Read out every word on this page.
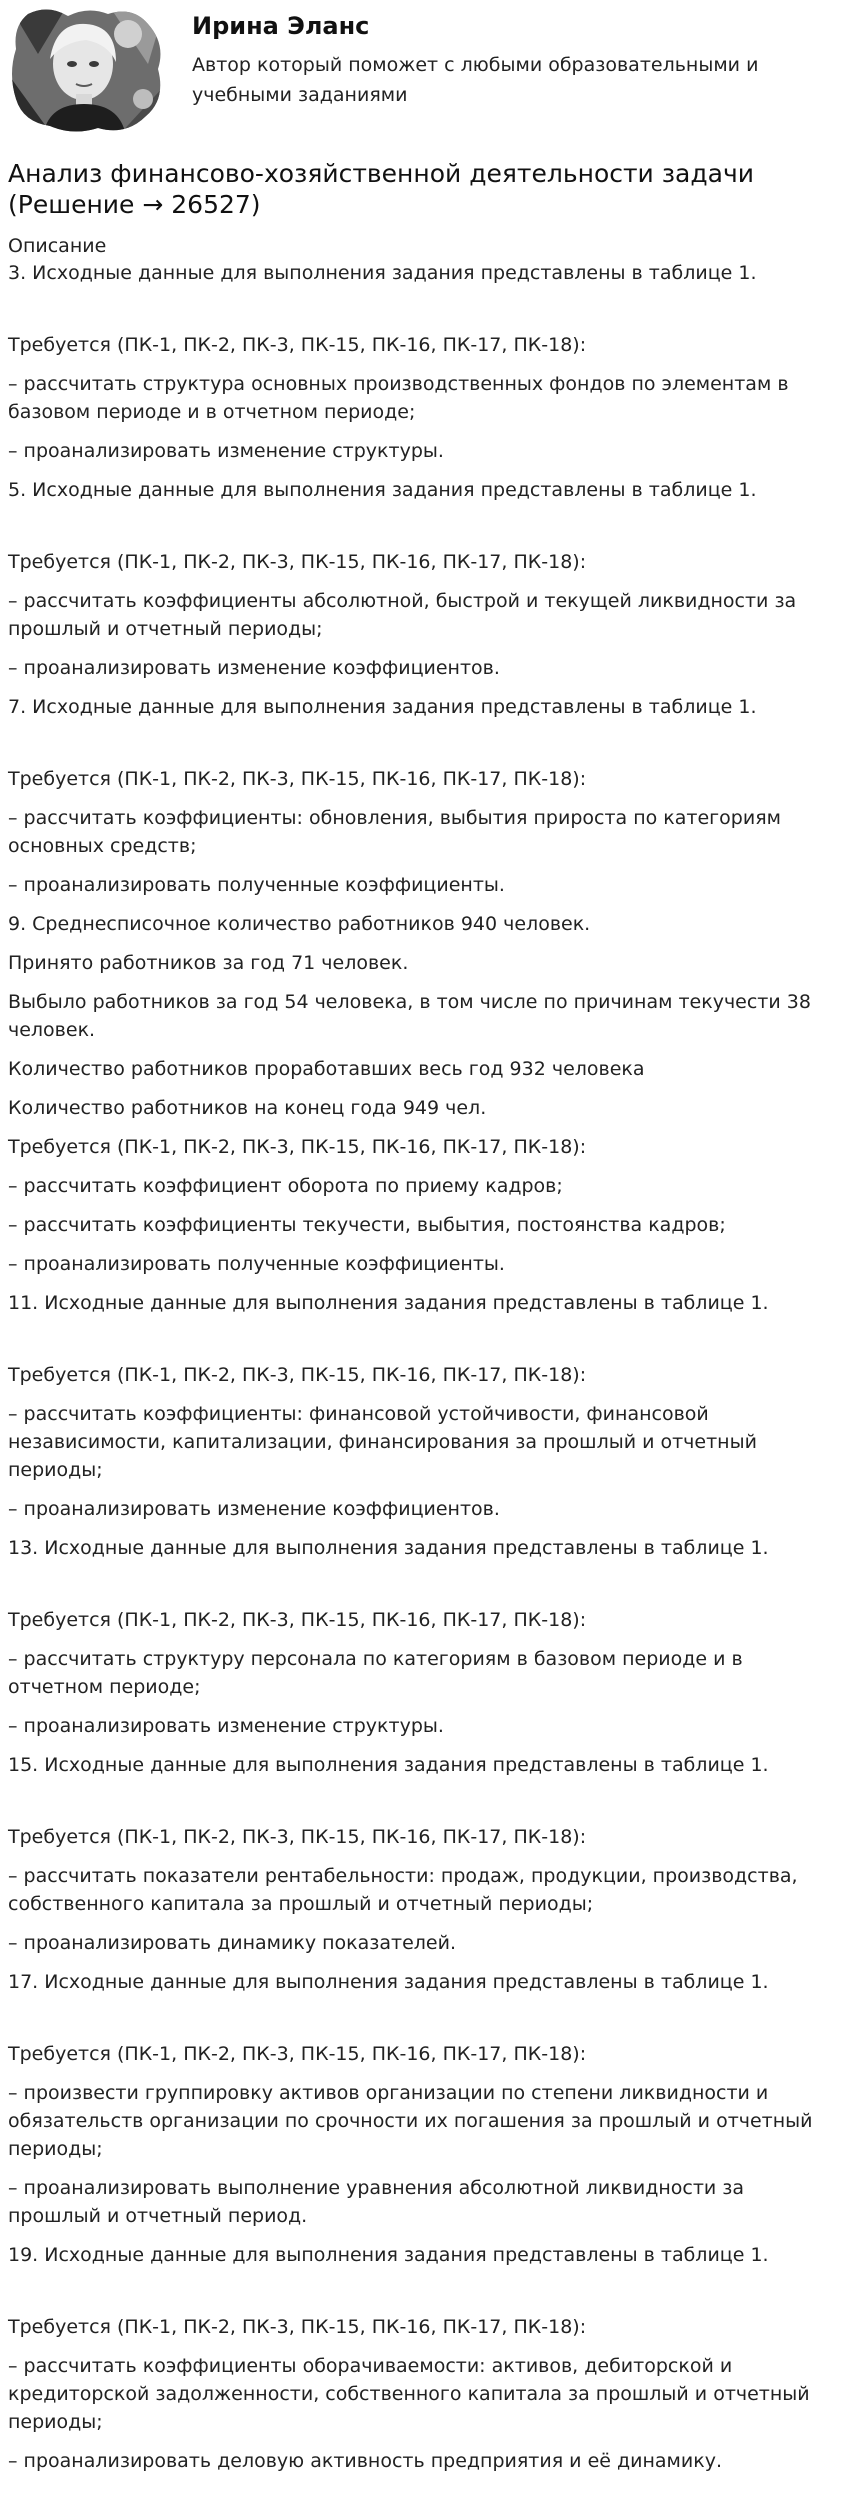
Ирина Эланс
Автор который поможет с любыми образовательными и учебными заданиями
Анализ финансово-хозяйственной деятельности задачи (Решение → 26527)
Описание

3. Исходные данные для выполнения задания представлены в таблице 1.

Требуется (ПК-1, ПК-2, ПК-3, ПК-15, ПК-16, ПК-17, ПК-18):

– рассчитать структура основных производственных фондов по элементам в базовом периоде и в отчетном периоде;

– проанализировать изменение структуры.

5. Исходные данные для выполнения задания представлены в таблице 1.

Требуется (ПК-1, ПК-2, ПК-3, ПК-15, ПК-16, ПК-17, ПК-18):

– рассчитать коэффициенты абсолютной, быстрой и текущей ликвидности за прошлый и отчетный периоды;

– проанализировать изменение коэффициентов.

7. Исходные данные для выполнения задания представлены в таблице 1.

Требуется (ПК-1, ПК-2, ПК-3, ПК-15, ПК-16, ПК-17, ПК-18):

– рассчитать коэффициенты: обновления, выбытия прироста по категориям основных средств;

– проанализировать полученные коэффициенты.

9. Среднесписочное количество работников 940 человек.

Принято работников за год 71 человек.

Выбыло работников за год 54 человека, в том числе по причинам текучести 38 человек.

Количество работников проработавших весь год 932 человека

Количество работников на конец года 949 чел.

Требуется (ПК-1, ПК-2, ПК-3, ПК-15, ПК-16, ПК-17, ПК-18):

– рассчитать коэффициент оборота по приему кадров;

– рассчитать коэффициенты текучести, выбытия, постоянства кадров;

– проанализировать полученные коэффициенты.

11. Исходные данные для выполнения задания представлены в таблице 1.

Требуется (ПК-1, ПК-2, ПК-3, ПК-15, ПК-16, ПК-17, ПК-18):

– рассчитать коэффициенты: финансовой устойчивости, финансовой независимости, капитализации, финансирования за прошлый и отчетный периоды;

– проанализировать изменение коэффициентов.

13. Исходные данные для выполнения задания представлены в таблице 1.

Требуется (ПК-1, ПК-2, ПК-3, ПК-15, ПК-16, ПК-17, ПК-18):

– рассчитать структуру персонала по категориям в базовом периоде и в отчетном периоде;

– проанализировать изменение структуры.

15. Исходные данные для выполнения задания представлены в таблице 1.

Требуется (ПК-1, ПК-2, ПК-3, ПК-15, ПК-16, ПК-17, ПК-18):

– рассчитать показатели рентабельности: продаж, продукции, производства, собственного капитала за прошлый и отчетный периоды;

– проанализировать динамику показателей.

17. Исходные данные для выполнения задания представлены в таблице 1.

Требуется (ПК-1, ПК-2, ПК-3, ПК-15, ПК-16, ПК-17, ПК-18):

– произвести группировку активов организации по степени ликвидности и обязательств организации по срочности их погашения за прошлый и отчетный периоды;

– проанализировать выполнение уравнения абсолютной ликвидности за прошлый и отчетный период.

19. Исходные данные для выполнения задания представлены в таблице 1.

Требуется (ПК-1, ПК-2, ПК-3, ПК-15, ПК-16, ПК-17, ПК-18):

– рассчитать коэффициенты оборачиваемости: активов, дебиторской и кредиторской задолженности, собственного капитала за прошлый и отчетный периоды;

– проанализировать деловую активность предприятия и её динамику.
